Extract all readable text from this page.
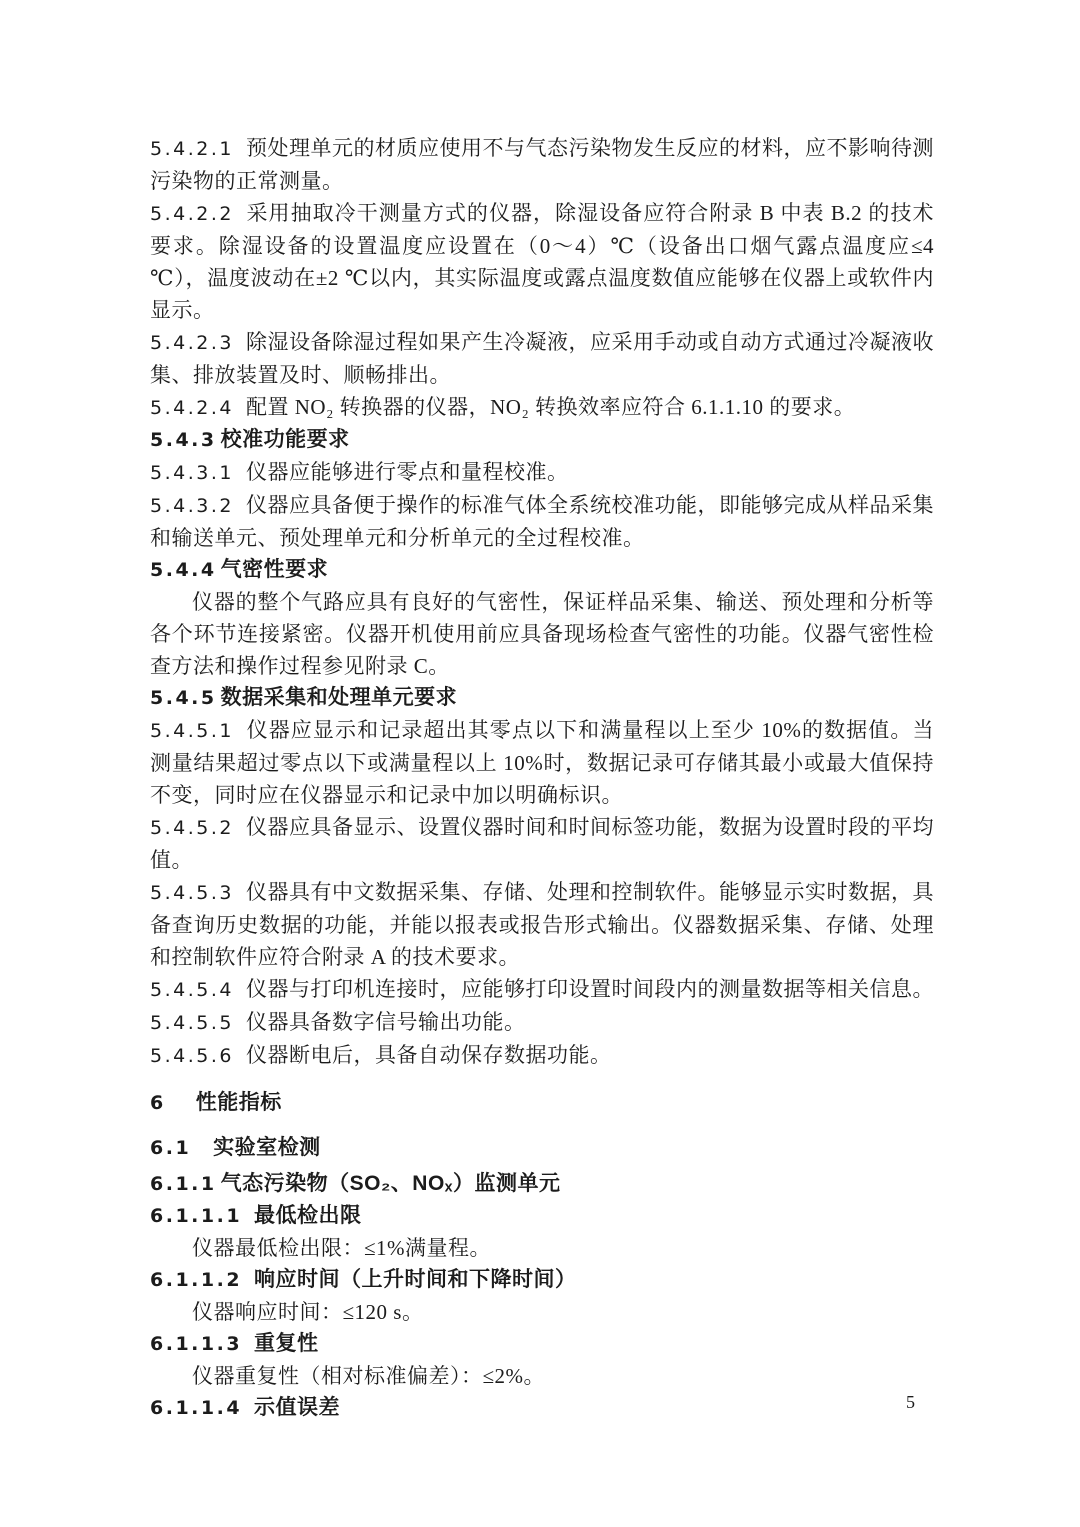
5.4.2.1 预处理单元的材质应使用不与气态污染物发生反应的材料，应不影响待测污染物的正常测量。

5.4.2.2 采用抽取冷干测量方式的仪器，除湿设备应符合附录 B 中表 B.2 的技术要求。除湿设备的设置温度应设置在（0～4）℃（设备出口烟气露点温度应≤4 ℃），温度波动在±2 ℃以内，其实际温度或露点温度数值应能够在仪器上或软件内显示。

5.4.2.3 除湿设备除湿过程如果产生冷凝液，应采用手动或自动方式通过冷凝液收集、排放装置及时、顺畅排出。

5.4.2.4 配置 NO₂ 转换器的仪器，NO₂ 转换效率应符合 6.1.1.10 的要求。

5.4.3 校准功能要求

5.4.3.1 仪器应能够进行零点和量程校准。

5.4.3.2 仪器应具备便于操作的标准气体全系统校准功能，即能够完成从样品采集和输送单元、预处理单元和分析单元的全过程校准。

5.4.4 气密性要求

仪器的整个气路应具有良好的气密性，保证样品采集、输送、预处理和分析等各个环节连接紧密。仪器开机使用前应具备现场检查气密性的功能。仪器气密性检查方法和操作过程参见附录 C。

5.4.5 数据采集和处理单元要求

5.4.5.1 仪器应显示和记录超出其零点以下和满量程以上至少 10%的数据值。当测量结果超过零点以下或满量程以上 10%时，数据记录可存储其最小或最大值保持不变，同时应在仪器显示和记录中加以明确标识。

5.4.5.2 仪器应具备显示、设置仪器时间和时间标签功能，数据为设置时段的平均值。

5.4.5.3 仪器具有中文数据采集、存储、处理和控制软件。能够显示实时数据，具备查询历史数据的功能，并能以报表或报告形式输出。仪器数据采集、存储、处理和控制软件应符合附录 A 的技术要求。

5.4.5.4 仪器与打印机连接时，应能够打印设置时间段内的测量数据等相关信息。

5.4.5.5 仪器具备数字信号输出功能。

5.4.5.6 仪器断电后，具备自动保存数据功能。

6 性能指标

6.1 实验室检测

6.1.1 气态污染物（SO₂、NOₓ）监测单元

6.1.1.1 最低检出限

仪器最低检出限：≤1%满量程。

6.1.1.2 响应时间（上升时间和下降时间）

仪器响应时间：≤120 s。

6.1.1.3 重复性

仪器重复性（相对标准偏差）：≤2%。

6.1.1.4 示值误差	5
